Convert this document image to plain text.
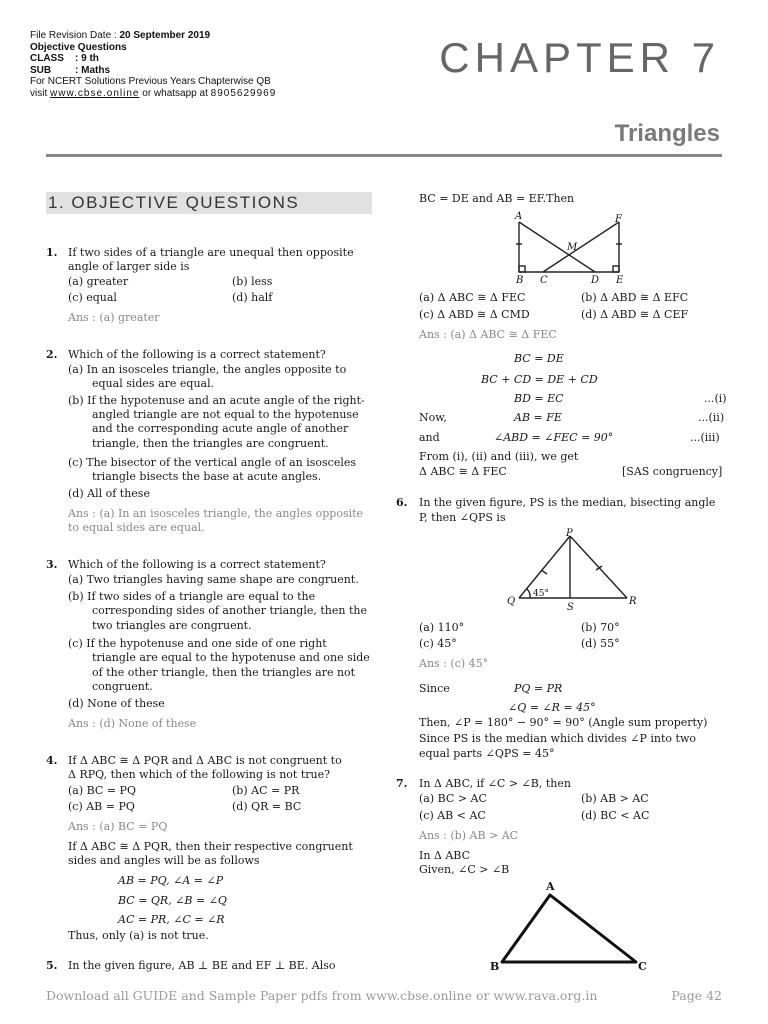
File Revision Date : 20 September 2019
Objective Questions
CLASS	: 9 th
SUB	: Maths
For NCERT Solutions Previous Years Chapterwise QB
visit www.cbse.online or whatsapp at 8905629969
CHAPTER 7
Triangles
1. OBJECTIVE QUESTIONS
1.
2.
3.
4.
5.
6.
7.
If two sides of a triangle are unequal then opposite
angle of larger side is
(a) greater	(b) less
(c) equal	(d) half
Ans : (a) greater
Which of the following is a correct statement?
(a) In an isosceles triangle, the angles opposite to
equal sides are equal.
(b) If the hypotenuse and an acute angle of the right-
angled triangle are not equal to the hypotenuse
and the corresponding acute angle of another
triangle, then the triangles are congruent.
(c) The bisector of the vertical angle of an isosceles
triangle bisects the base at acute angles.
(d) All of these
Ans : (a) In an isosceles triangle, the angles opposite
to equal sides are equal.
Which of the following is a correct statement?
(a) Two triangles having same shape are congruent.
(b) If two sides of a triangle are equal to the
corresponding sides of another triangle, then the
two triangles are congruent.
(c) If the hypotenuse and one side of one right
triangle are equal to the hypotenuse and one side
of the other triangle, then the triangles are not
congruent.
(d) None of these
Ans : (d) None of these
If Δ ABC ≅ Δ PQR and Δ ABC is not congruent to
Δ RPQ, then which of the following is not true?
(a) BC = PQ	(b) AC = PR
(c) AB = PQ	(d) QR = BC
Ans : (a) BC = PQ
If Δ ABC ≅ Δ PQR, then their respective congruent
sides and angles will be as follows
AB = PQ, ∠A = ∠P
BC = QR, ∠B = ∠Q
AC = PR, ∠C = ∠R
Thus, only (a) is not true.
In the given figure, AB ⊥ BE and EF ⊥ BE. Also
BC = DE and AB = EF.Then
A	F
M
B C	D E
(a) Δ ABC ≅ Δ FEC	(b) Δ ABD ≅ Δ EFC
(c) Δ ABD ≅ Δ CMD	(d) Δ ABD ≅ Δ CEF
Ans : (a) Δ ABC ≅ Δ FEC
BC = DE
BC + CD = DE + CD
BD = EC	...(i)
Now,	AB = FE	...(ii)
and	∠ABD = ∠FEC = 90°	...(iii)
From (i), (ii) and (iii), we get
Δ ABC ≅ Δ FEC	[SAS congruency]
In the given figure, PS is the median, bisecting angle
P, then ∠QPS is
P
Q
45°
S
R
(a) 110°	(b) 70°
(c) 45°	(d) 55°
Ans : (c) 45°
Since	PQ = PR
∠Q = ∠R = 45°
Then, ∠P = 180° − 90° = 90° (Angle sum property)
Since PS is the median which divides ∠P into two
equal parts ∠QPS = 45°
In Δ ABC, if ∠C > ∠B, then
(a) BC > AC	(b) AB > AC
(c) AB < AC	(d) BC < AC
Ans : (b) AB > AC
In Δ ABC
Given, ∠C > ∠B
A
B	C
Download all GUIDE and Sample Paper pdfs from www.cbse.online or www.rava.org.in	Page 42
